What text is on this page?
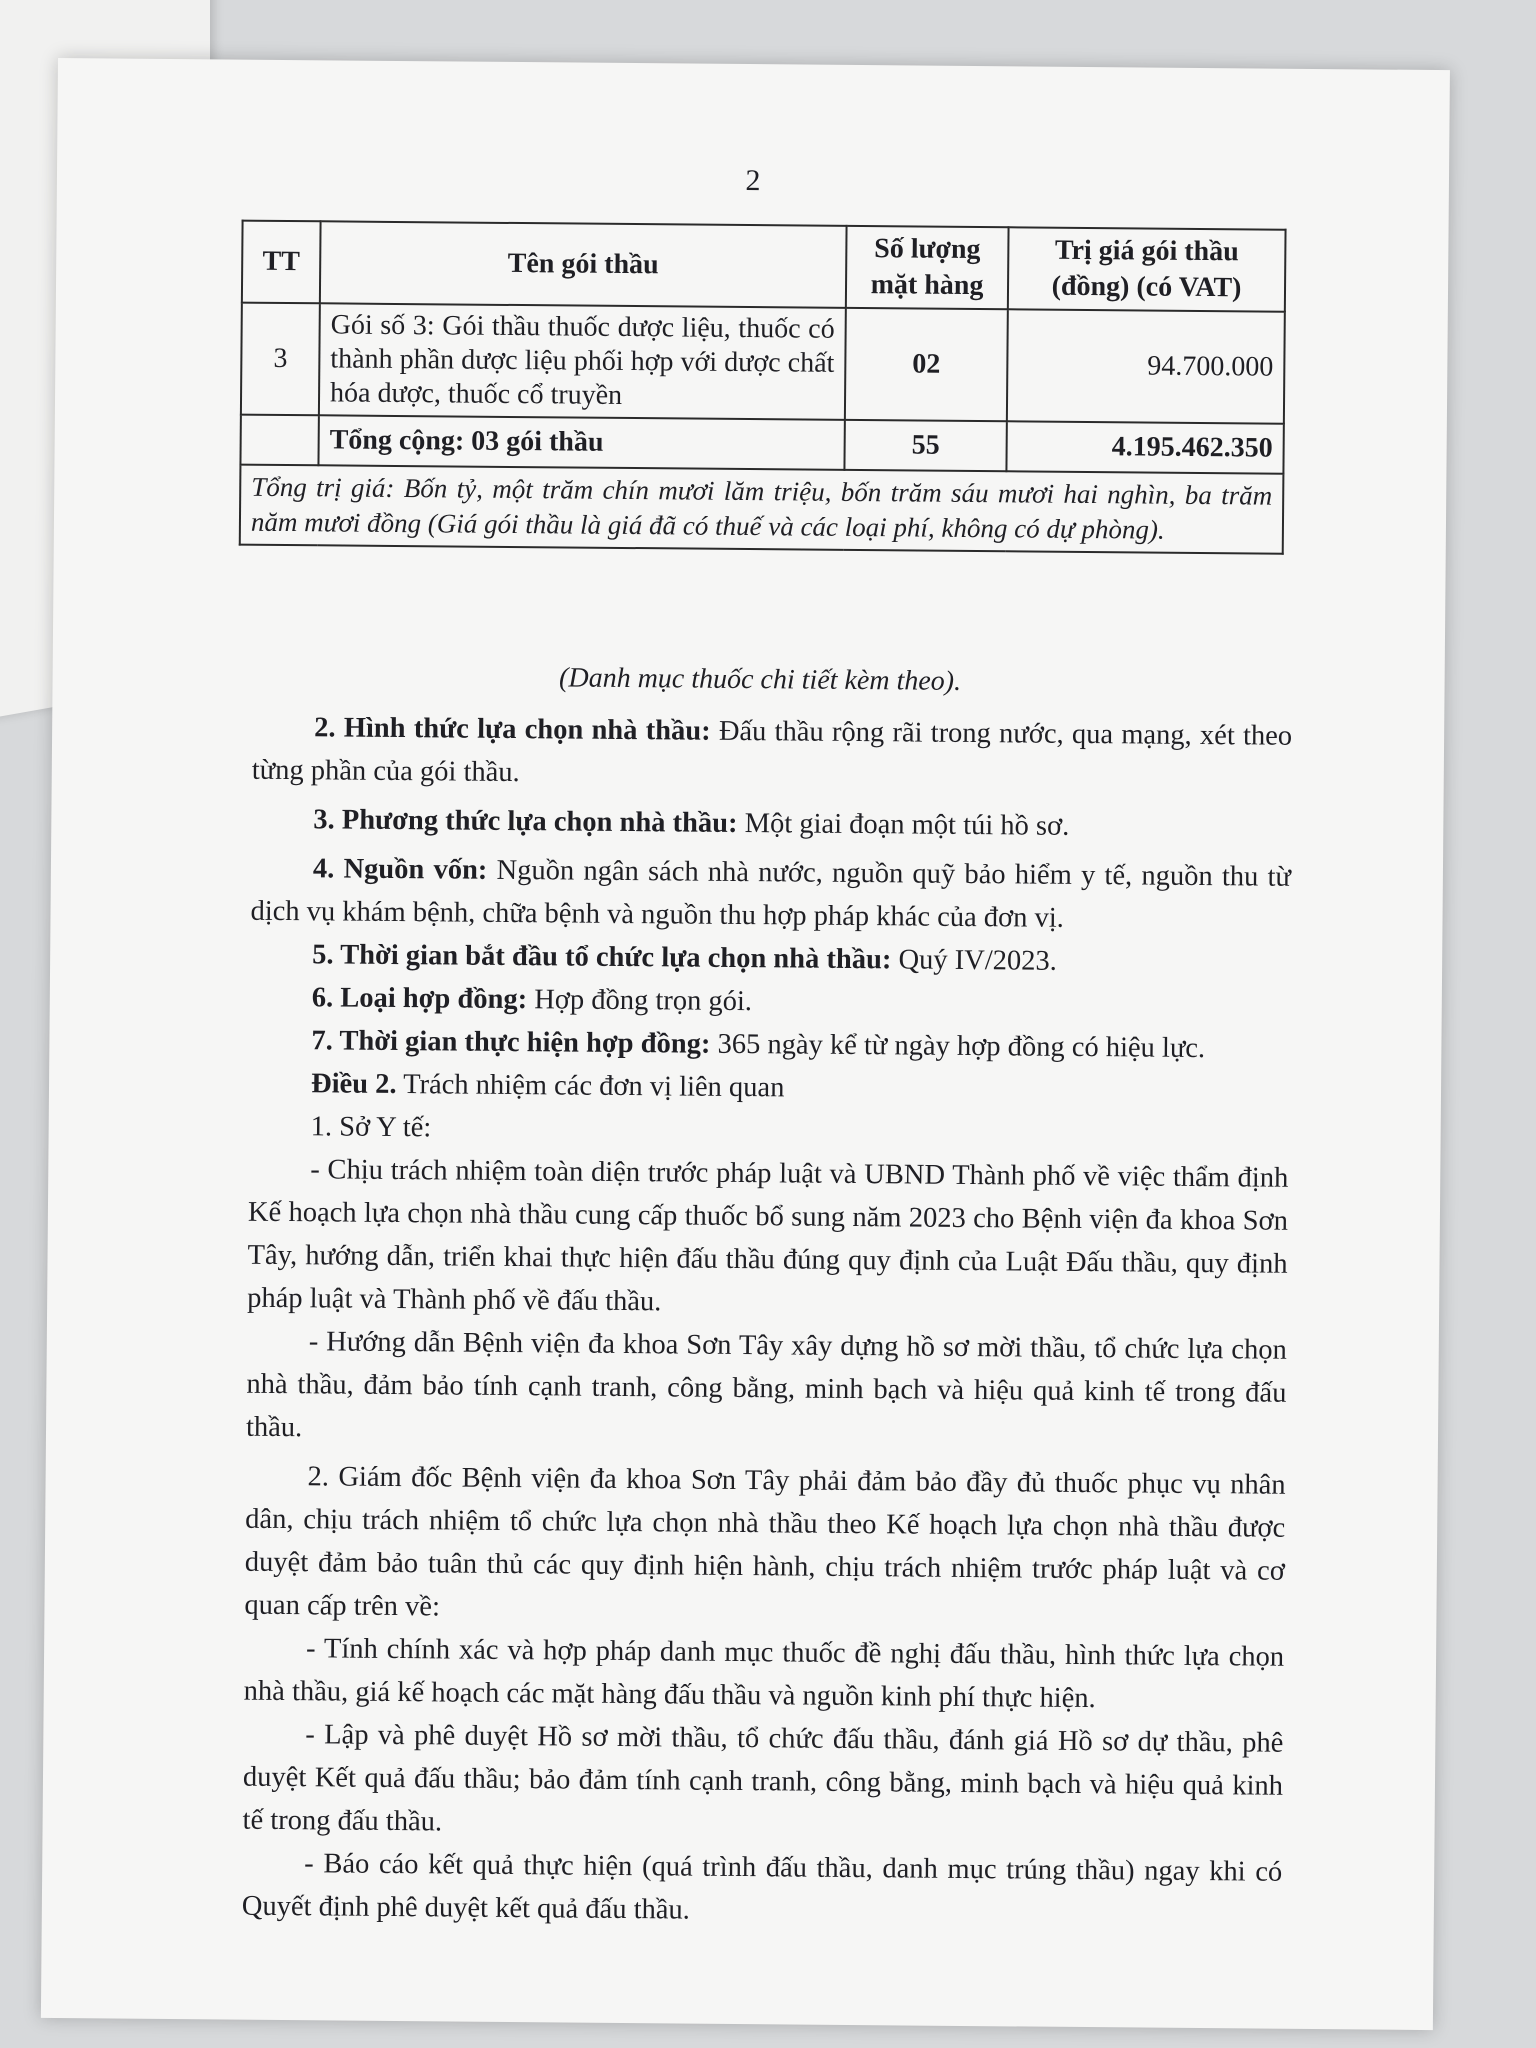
2
TT	Tên gói thầu	Số lượng mặt hàng	Trị giá gói thầu (đồng) (có VAT)
3	Gói số 3: Gói thầu thuốc dược liệu, thuốc có thành phần dược liệu phối hợp với dược chất hóa dược, thuốc cổ truyền	02	94.700.000
	Tổng cộng: 03 gói thầu	55	4.195.462.350
Tổng trị giá: Bốn tỷ, một trăm chín mươi lăm triệu, bốn trăm sáu mươi hai nghìn, ba trăm năm mươi đồng (Giá gói thầu là giá đã có thuế và các loại phí, không có dự phòng).			
(Danh mục thuốc chi tiết kèm theo).

2. Hình thức lựa chọn nhà thầu: Đấu thầu rộng rãi trong nước, qua mạng, xét theo từng phần của gói thầu.

3. Phương thức lựa chọn nhà thầu: Một giai đoạn một túi hồ sơ.

4. Nguồn vốn: Nguồn ngân sách nhà nước, nguồn quỹ bảo hiểm y tế, nguồn thu từ dịch vụ khám bệnh, chữa bệnh và nguồn thu hợp pháp khác của đơn vị.

5. Thời gian bắt đầu tổ chức lựa chọn nhà thầu: Quý IV/2023.

6. Loại hợp đồng: Hợp đồng trọn gói.

7. Thời gian thực hiện hợp đồng: 365 ngày kể từ ngày hợp đồng có hiệu lực.

Điều 2. Trách nhiệm các đơn vị liên quan

1. Sở Y tế:

- Chịu trách nhiệm toàn diện trước pháp luật và UBND Thành phố về việc thẩm định Kế hoạch lựa chọn nhà thầu cung cấp thuốc bổ sung năm 2023 cho Bệnh viện đa khoa Sơn Tây, hướng dẫn, triển khai thực hiện đấu thầu đúng quy định của Luật Đấu thầu, quy định pháp luật và Thành phố về đấu thầu.

- Hướng dẫn Bệnh viện đa khoa Sơn Tây xây dựng hồ sơ mời thầu, tổ chức lựa chọn nhà thầu, đảm bảo tính cạnh tranh, công bằng, minh bạch và hiệu quả kinh tế trong đấu thầu.

2. Giám đốc Bệnh viện đa khoa Sơn Tây phải đảm bảo đầy đủ thuốc phục vụ nhân dân, chịu trách nhiệm tổ chức lựa chọn nhà thầu theo Kế hoạch lựa chọn nhà thầu được duyệt đảm bảo tuân thủ các quy định hiện hành, chịu trách nhiệm trước pháp luật và cơ quan cấp trên về:

- Tính chính xác và hợp pháp danh mục thuốc đề nghị đấu thầu, hình thức lựa chọn nhà thầu, giá kế hoạch các mặt hàng đấu thầu và nguồn kinh phí thực hiện.

- Lập và phê duyệt Hồ sơ mời thầu, tổ chức đấu thầu, đánh giá Hồ sơ dự thầu, phê duyệt Kết quả đấu thầu; bảo đảm tính cạnh tranh, công bằng, minh bạch và hiệu quả kinh tế trong đấu thầu.

- Báo cáo kết quả thực hiện (quá trình đấu thầu, danh mục trúng thầu) ngay khi có Quyết định phê duyệt kết quả đấu thầu.
